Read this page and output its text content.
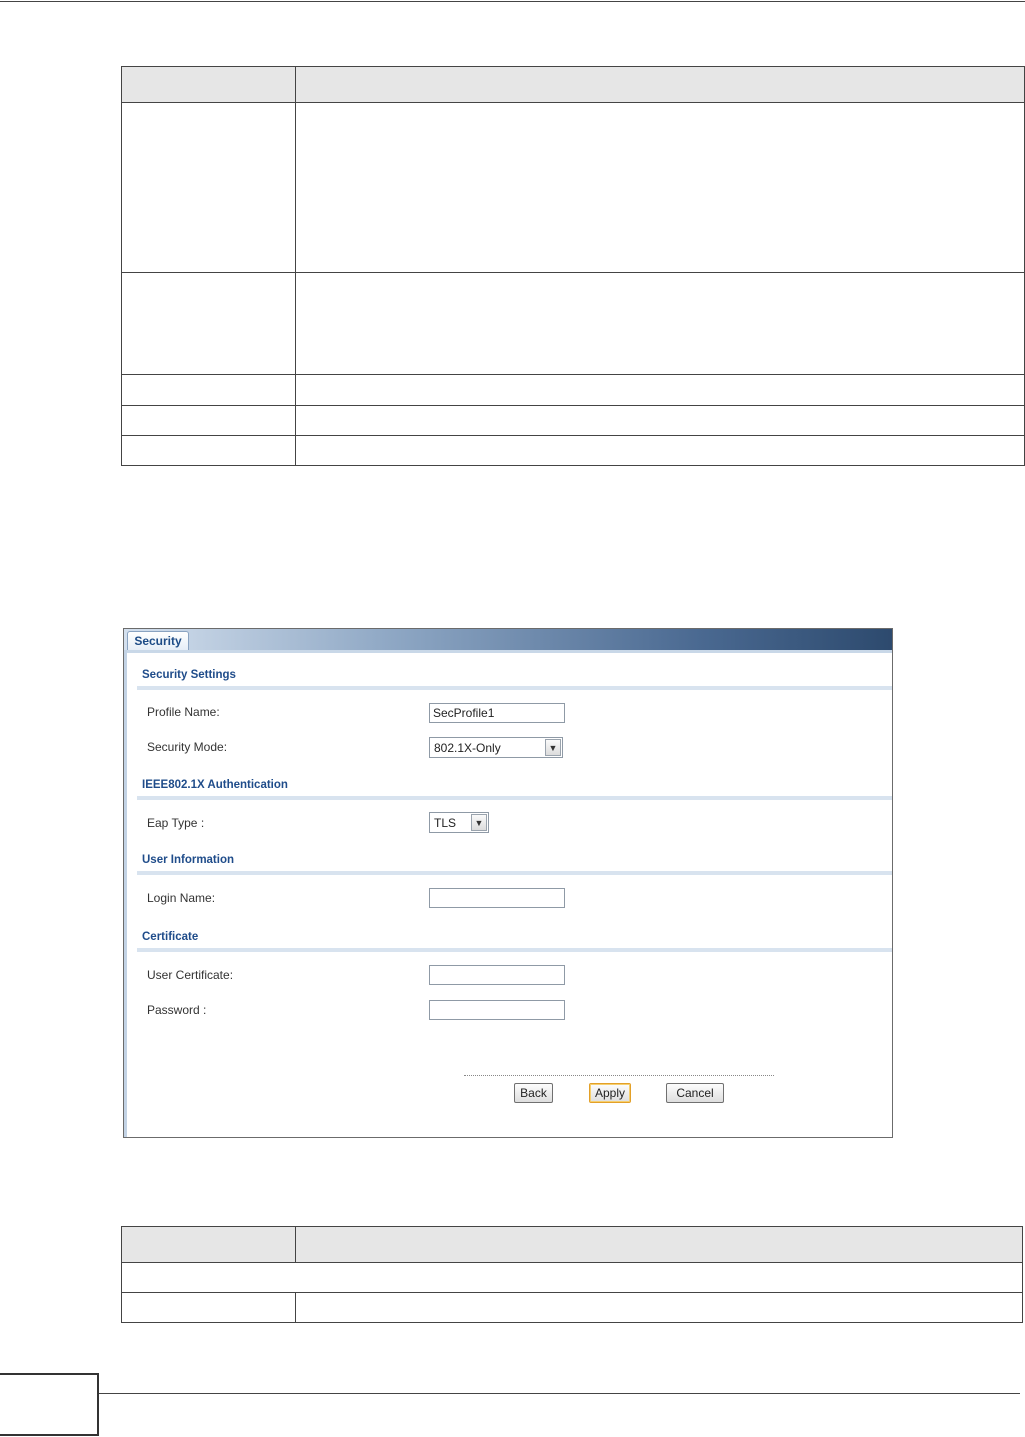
Security
Security Settings
Profile Name:	SecProfile1
Security Mode:	802.1X-Only	▼
IEEE802.1X Authentication
Eap Type :	TLS	▼
User Information
Login Name:
Certificate
User Certificate:
Password :
Back	Apply	Cancel
